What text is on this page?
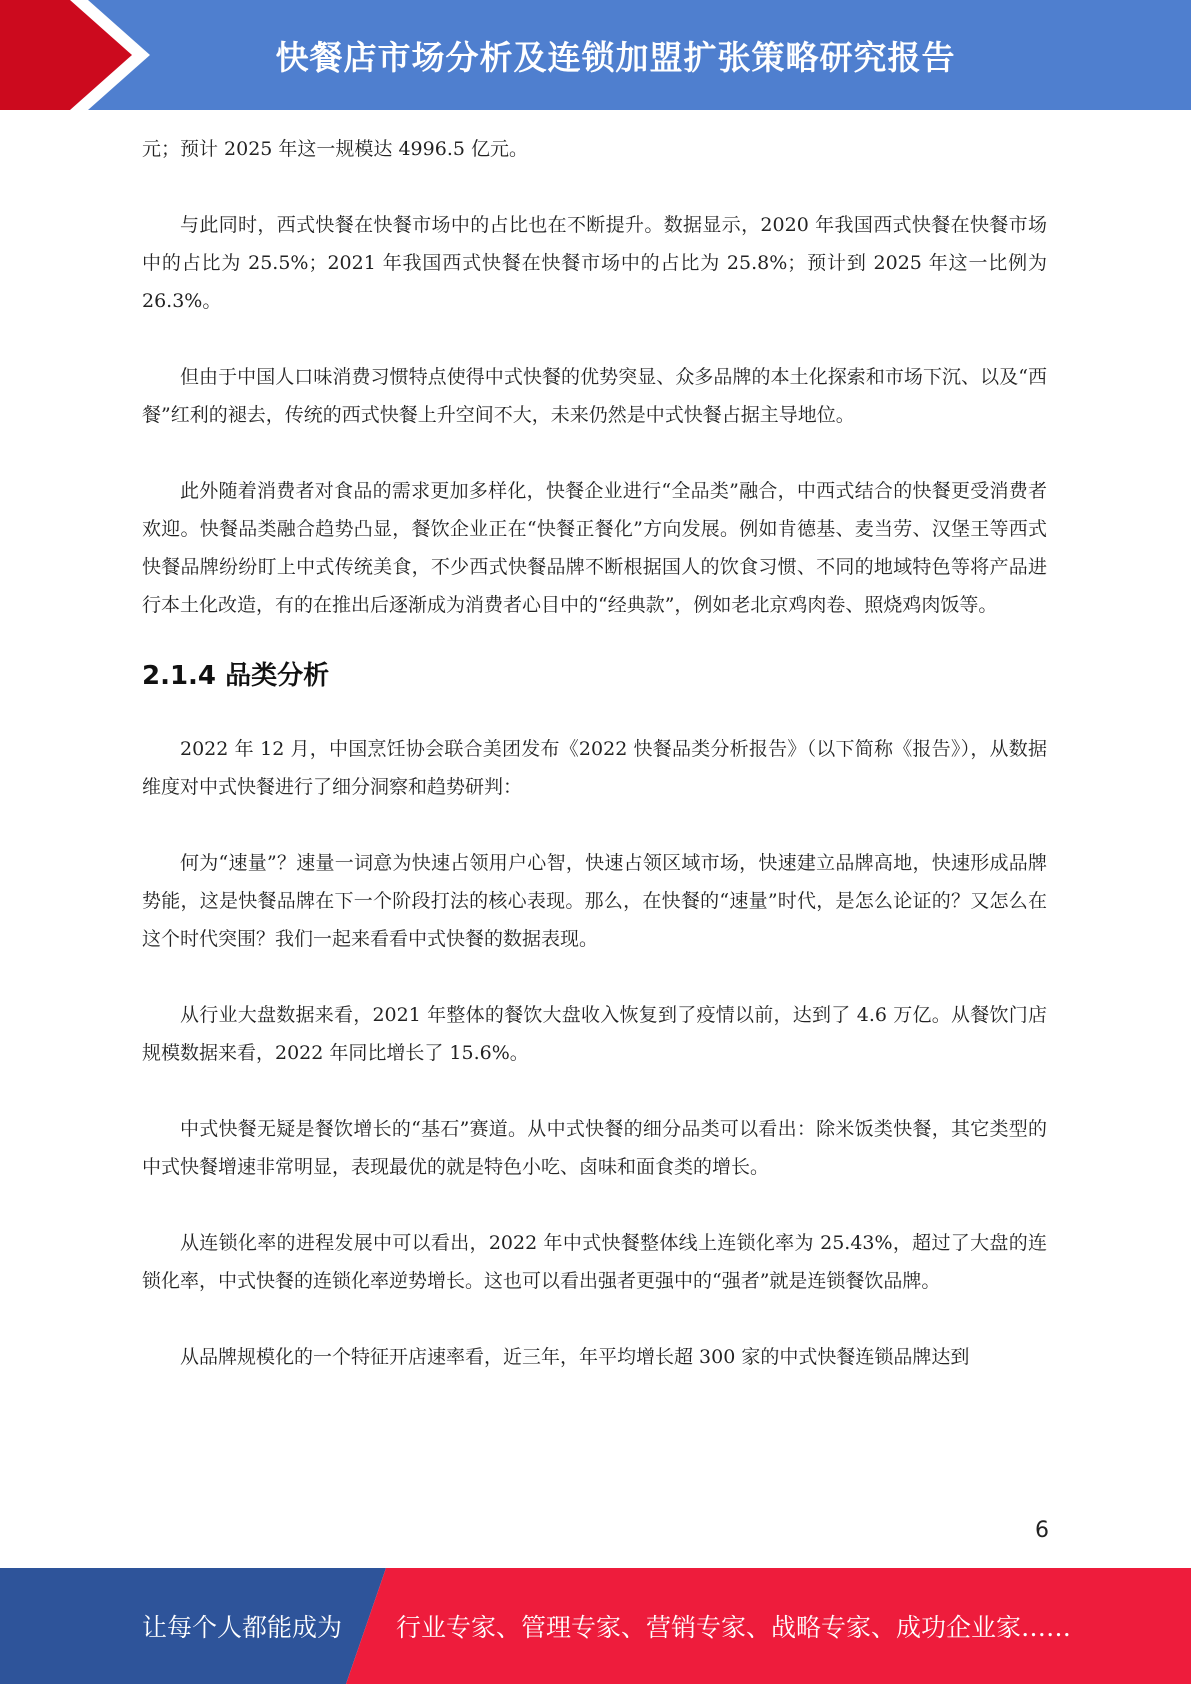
快餐店市场分析及连锁加盟扩张策略研究报告

元；预计 2025 年这一规模达 4996.5 亿元。

与此同时，西式快餐在快餐市场中的占比也在不断提升。数据显示，2020 年我国西式快餐在快餐市场中的占比为 25.5%；2021 年我国西式快餐在快餐市场中的占比为 25.8%；预计到 2025 年这一比例为 26.3%。

但由于中国人口味消费习惯特点使得中式快餐的优势突显、众多品牌的本土化探索和市场下沉、以及“西餐”红利的褪去，传统的西式快餐上升空间不大，未来仍然是中式快餐占据主导地位。

此外随着消费者对食品的需求更加多样化，快餐企业进行“全品类”融合，中西式结合的快餐更受消费者欢迎。快餐品类融合趋势凸显，餐饮企业正在“快餐正餐化”方向发展。例如肯德基、麦当劳、汉堡王等西式快餐品牌纷纷盯上中式传统美食，不少西式快餐品牌不断根据国人的饮食习惯、不同的地域特色等将产品进行本土化改造，有的在推出后逐渐成为消费者心目中的“经典款”，例如老北京鸡肉卷、照烧鸡肉饭等。

2.1.4 品类分析

2022 年 12 月，中国烹饪协会联合美团发布《2022 快餐品类分析报告》（以下简称《报告》），从数据维度对中式快餐进行了细分洞察和趋势研判：

何为“速量”？速量一词意为快速占领用户心智，快速占领区域市场，快速建立品牌高地，快速形成品牌势能，这是快餐品牌在下一个阶段打法的核心表现。那么，在快餐的“速量”时代，是怎么论证的？又怎么在这个时代突围？我们一起来看看中式快餐的数据表现。

从行业大盘数据来看，2021 年整体的餐饮大盘收入恢复到了疫情以前，达到了 4.6 万亿。从餐饮门店规模数据来看，2022 年同比增长了 15.6%。

中式快餐无疑是餐饮增长的“基石”赛道。从中式快餐的细分品类可以看出：除米饭类快餐，其它类型的中式快餐增速非常明显，表现最优的就是特色小吃、卤味和面食类的增长。

从连锁化率的进程发展中可以看出，2022 年中式快餐整体线上连锁化率为 25.43%，超过了大盘的连锁化率，中式快餐的连锁化率逆势增长。这也可以看出强者更强中的“强者”就是连锁餐饮品牌。

从品牌规模化的一个特征开店速率看，近三年，年平均增长超 300 家的中式快餐连锁品牌达到

6
让每个人都能成为 行业专家、管理专家、营销专家、战略专家、成功企业家……
